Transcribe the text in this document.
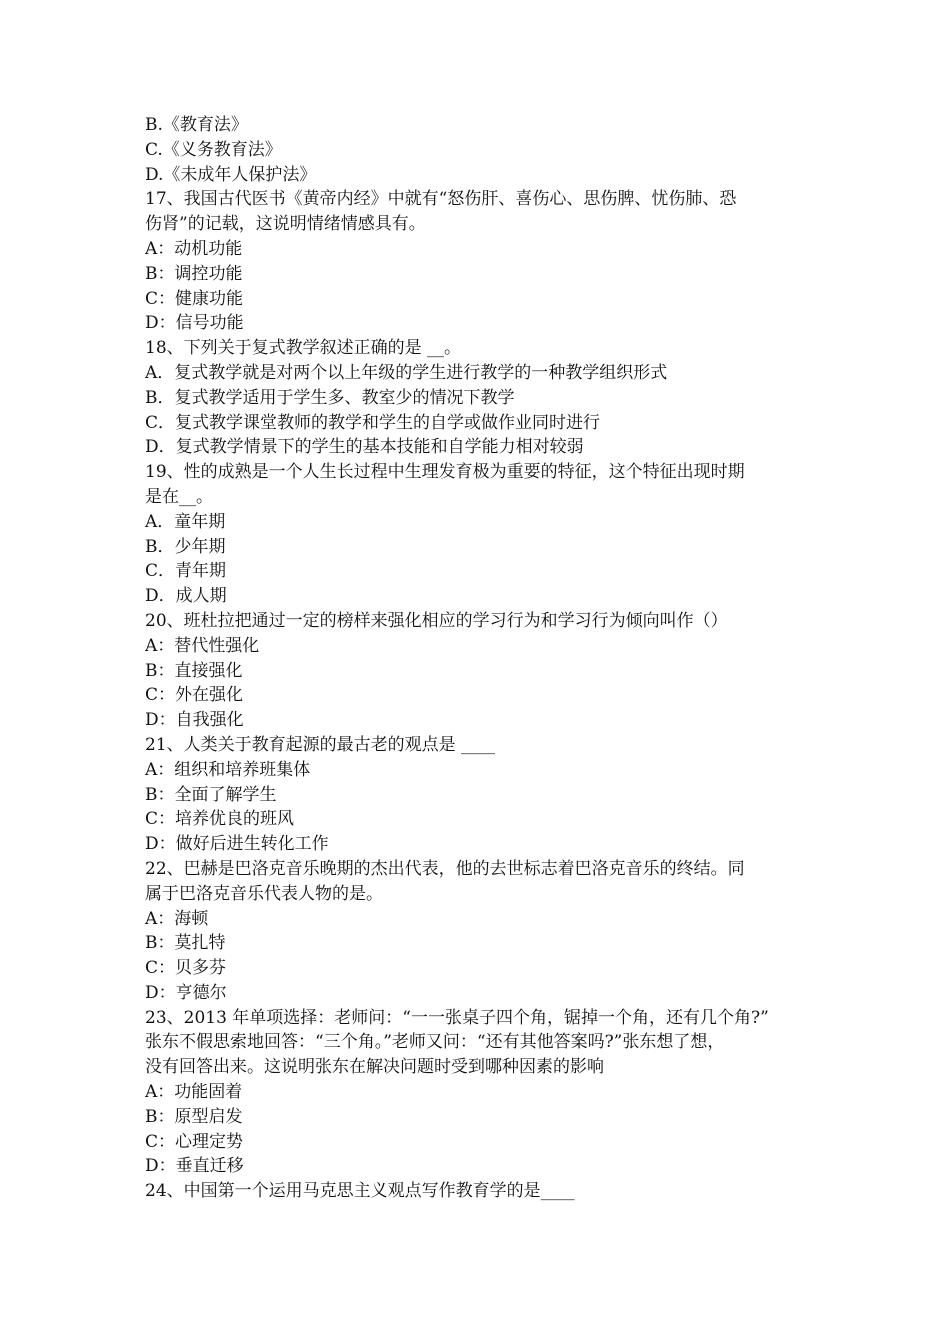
B.《教育法》
C.《义务教育法》
D.《未成年人保护法》
17、我国古代医书《黄帝内经》中就有“怒伤肝、喜伤心、思伤脾、忧伤肺、恐
伤肾”的记载，这说明情绪情感具有。
A：动机功能
B：调控功能
C：健康功能
D：信号功能
18、下列关于复式教学叙述正确的是 __。
A．复式教学就是对两个以上年级的学生进行教学的一种教学组织形式
B．复式教学适用于学生多、教室少的情况下教学
C．复式教学课堂教师的教学和学生的自学或做作业同时进行
D．复式教学情景下的学生的基本技能和自学能力相对较弱
19、性的成熟是一个人生长过程中生理发育极为重要的特征，这个特征出现时期
是在__。
A．童年期
B．少年期
C．青年期
D．成人期
20、班杜拉把通过一定的榜样来强化相应的学习行为和学习行为倾向叫作（）
A：替代性强化
B：直接强化
C：外在强化
D：自我强化
21、人类关于教育起源的最古老的观点是 ____
A：组织和培养班集体
B：全面了解学生
C：培养优良的班风
D：做好后进生转化工作
22、巴赫是巴洛克音乐晚期的杰出代表，他的去世标志着巴洛克音乐的终结。同
属于巴洛克音乐代表人物的是。
A：海顿
B：莫扎特
C：贝多芬
D：亨德尔
23、2013 年单项选择：老师问：“一一张桌子四个角，锯掉一个角，还有几个角?”
张东不假思索地回答：“三个角。”老师又问：“还有其他答案吗?”张东想了想，
没有回答出来。这说明张东在解决问题时受到哪种因素的影响
A：功能固着
B：原型启发
C：心理定势
D：垂直迁移
24、中国第一个运用马克思主义观点写作教育学的是____
